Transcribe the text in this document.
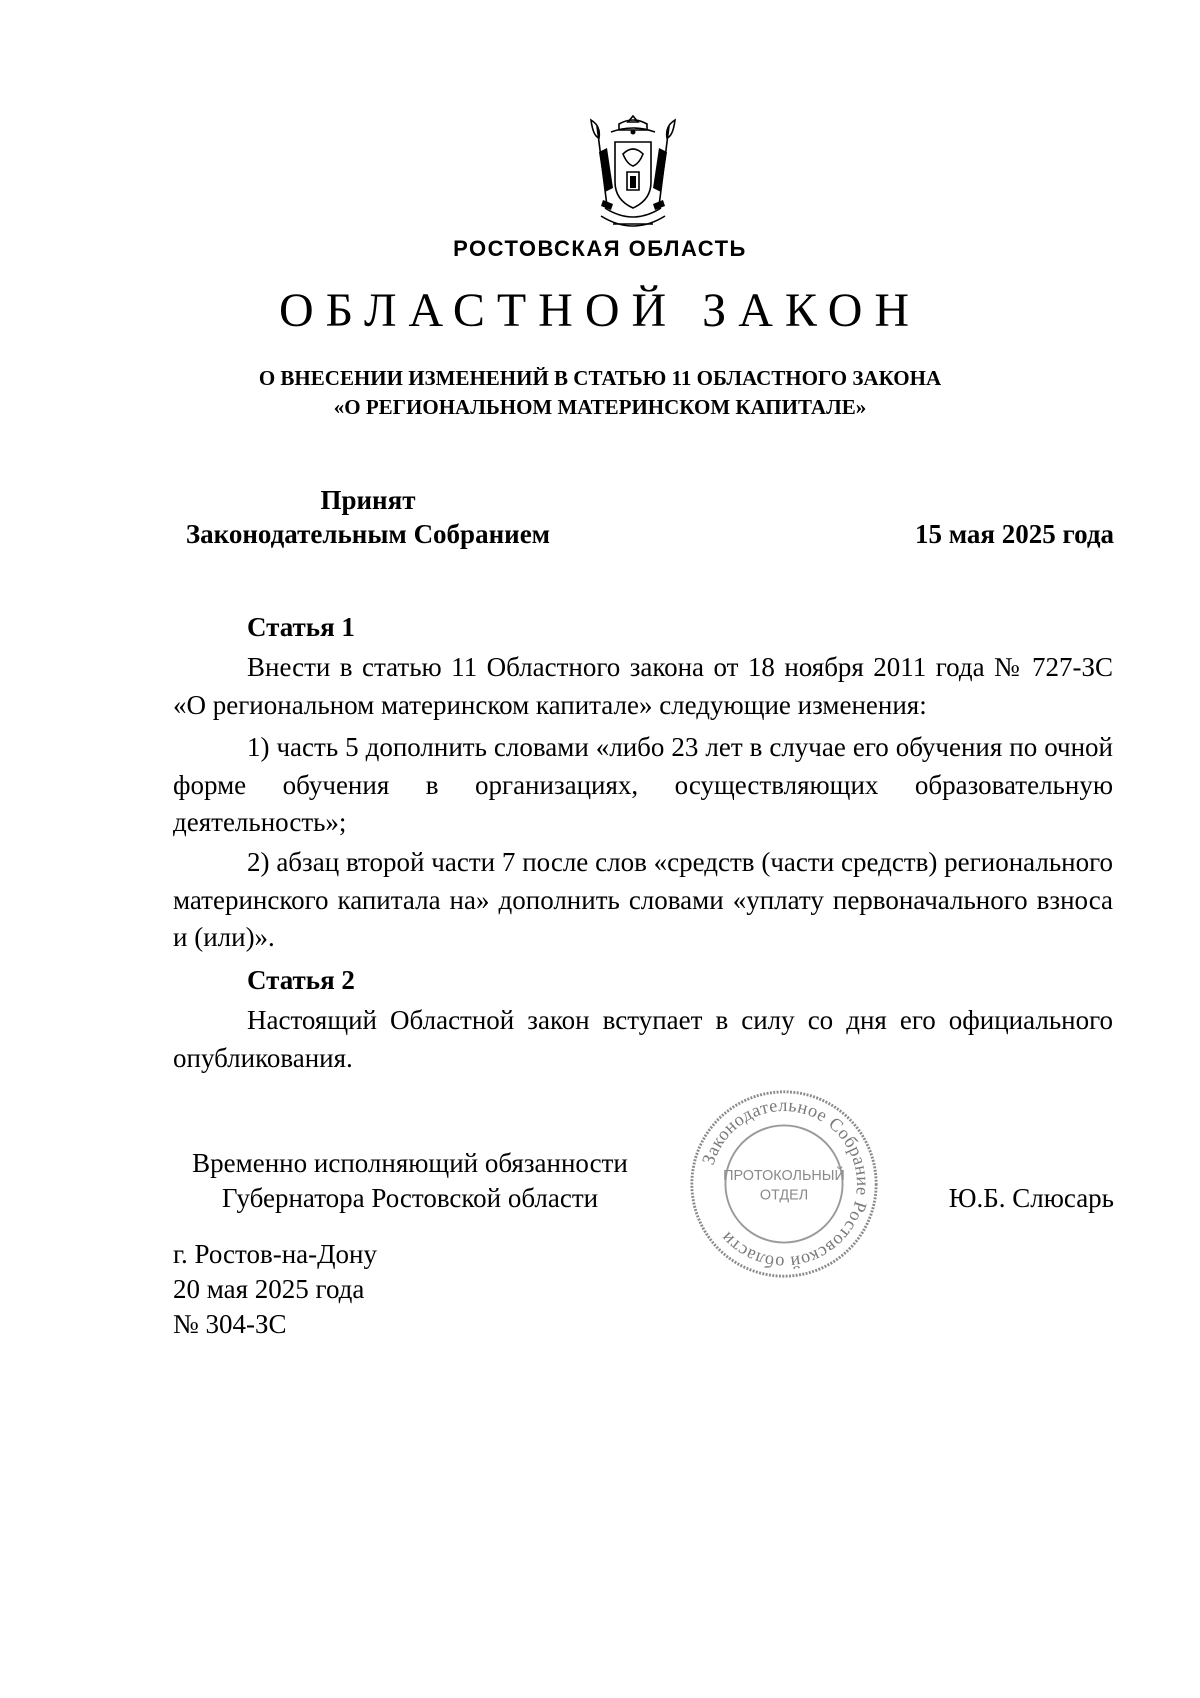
РОСТОВСКАЯ ОБЛАСТЬ
ОБЛАСТНОЙ ЗАКОН
О ВНЕСЕНИИ ИЗМЕНЕНИЙ В СТАТЬЮ 11 ОБЛАСТНОГО ЗАКОНА
«О РЕГИОНАЛЬНОМ МАТЕРИНСКОМ КАПИТАЛЕ»
Принят
Законодательным Собранием	15 мая 2025 года
Статья 1
Внести в статью 11 Областного закона от 18 ноября 2011 года № 727-ЗС «О региональном материнском капитале» следующие изменения:
1) часть 5 дополнить словами «либо 23 лет в случае его обучения по очной форме обучения в организациях, осуществляющих образовательную деятельность»;
2) абзац второй части 7 после слов «средств (части средств) регионального материнского капитала на» дополнить словами «уплату первоначального взноса и (или)».
Статья 2
Настоящий Областной закон вступает в силу со дня его официального опубликования.
Временно исполняющий обязанности
Губернатора Ростовской области	Ю.Б. Слюсарь
Законодательное Собрание Ростовской области
ПРОТОКОЛЬНЫЙ
ОТДЕЛ
г. Ростов-на-Дону
20 мая 2025 года
№ 304-ЗС
